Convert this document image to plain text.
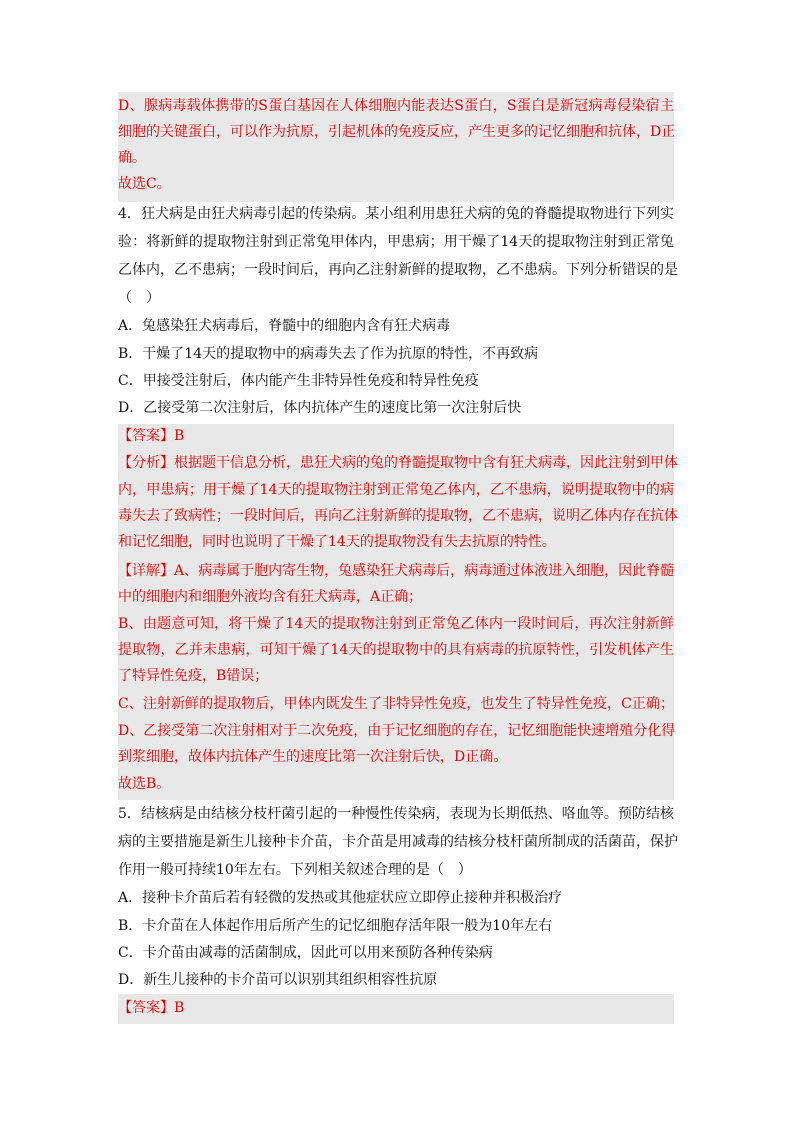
D、腺病毒载体携带的S蛋白基因在人体细胞内能表达S蛋白，S蛋白是新冠病毒侵染宿主
细胞的关键蛋白，可以作为抗原，引起机体的免疫反应，产生更多的记忆细胞和抗体，D正
确。
故选C。
4．狂犬病是由狂犬病毒引起的传染病。某小组利用患狂犬病的兔的脊髓提取物进行下列实
验：将新鲜的提取物注射到正常兔甲体内，甲患病；用干燥了14天的提取物注射到正常兔
乙体内，乙不患病；一段时间后，再向乙注射新鲜的提取物，乙不患病。下列分析错误的是
（　）
A．兔感染狂犬病毒后，脊髓中的细胞内含有狂犬病毒
B．干燥了14天的提取物中的病毒失去了作为抗原的特性，不再致病
C．甲接受注射后，体内能产生非特异性免疫和特异性免疫
D．乙接受第二次注射后，体内抗体产生的速度比第一次注射后快
【答案】B
【分析】根据题干信息分析，患狂犬病的兔的脊髓提取物中含有狂犬病毒，因此注射到甲体
内，甲患病；用干燥了14天的提取物注射到正常兔乙体内，乙不患病，说明提取物中的病
毒失去了致病性；一段时间后，再向乙注射新鲜的提取物，乙不患病，说明乙体内存在抗体
和记忆细胞，同时也说明了干燥了14天的提取物没有失去抗原的特性。
【详解】A、病毒属于胞内寄生物，兔感染狂犬病毒后，病毒通过体液进入细胞，因此脊髓
中的细胞内和细胞外液均含有狂犬病毒，A正确；
B、由题意可知，将干燥了14天的提取物注射到正常兔乙体内一段时间后，再次注射新鲜
提取物，乙并未患病，可知干燥了14天的提取物中的具有病毒的抗原特性，引发机体产生
了特异性免疫，B错误；
C、注射新鲜的提取物后，甲体内既发生了非特异性免疫，也发生了特异性免疫，C正确；
D、乙接受第二次注射相对于二次免疫，由于记忆细胞的存在，记忆细胞能快速增殖分化得
到浆细胞，故体内抗体产生的速度比第一次注射后快，D正确。
故选B。
5．结核病是由结核分枝杆菌引起的一种慢性传染病，表现为长期低热、咯血等。预防结核
病的主要措施是新生儿接种卡介苗，卡介苗是用减毒的结核分枝杆菌所制成的活菌苗，保护
作用一般可持续10年左右。下列相关叙述合理的是（　）
A．接种卡介苗后若有轻微的发热或其他症状应立即停止接种并积极治疗
B．卡介苗在人体起作用后所产生的记忆细胞存活年限一般为10年左右
C．卡介苗由减毒的活菌制成，因此可以用来预防各种传染病
D．新生儿接种的卡介苗可以识别其组织相容性抗原
【答案】B
